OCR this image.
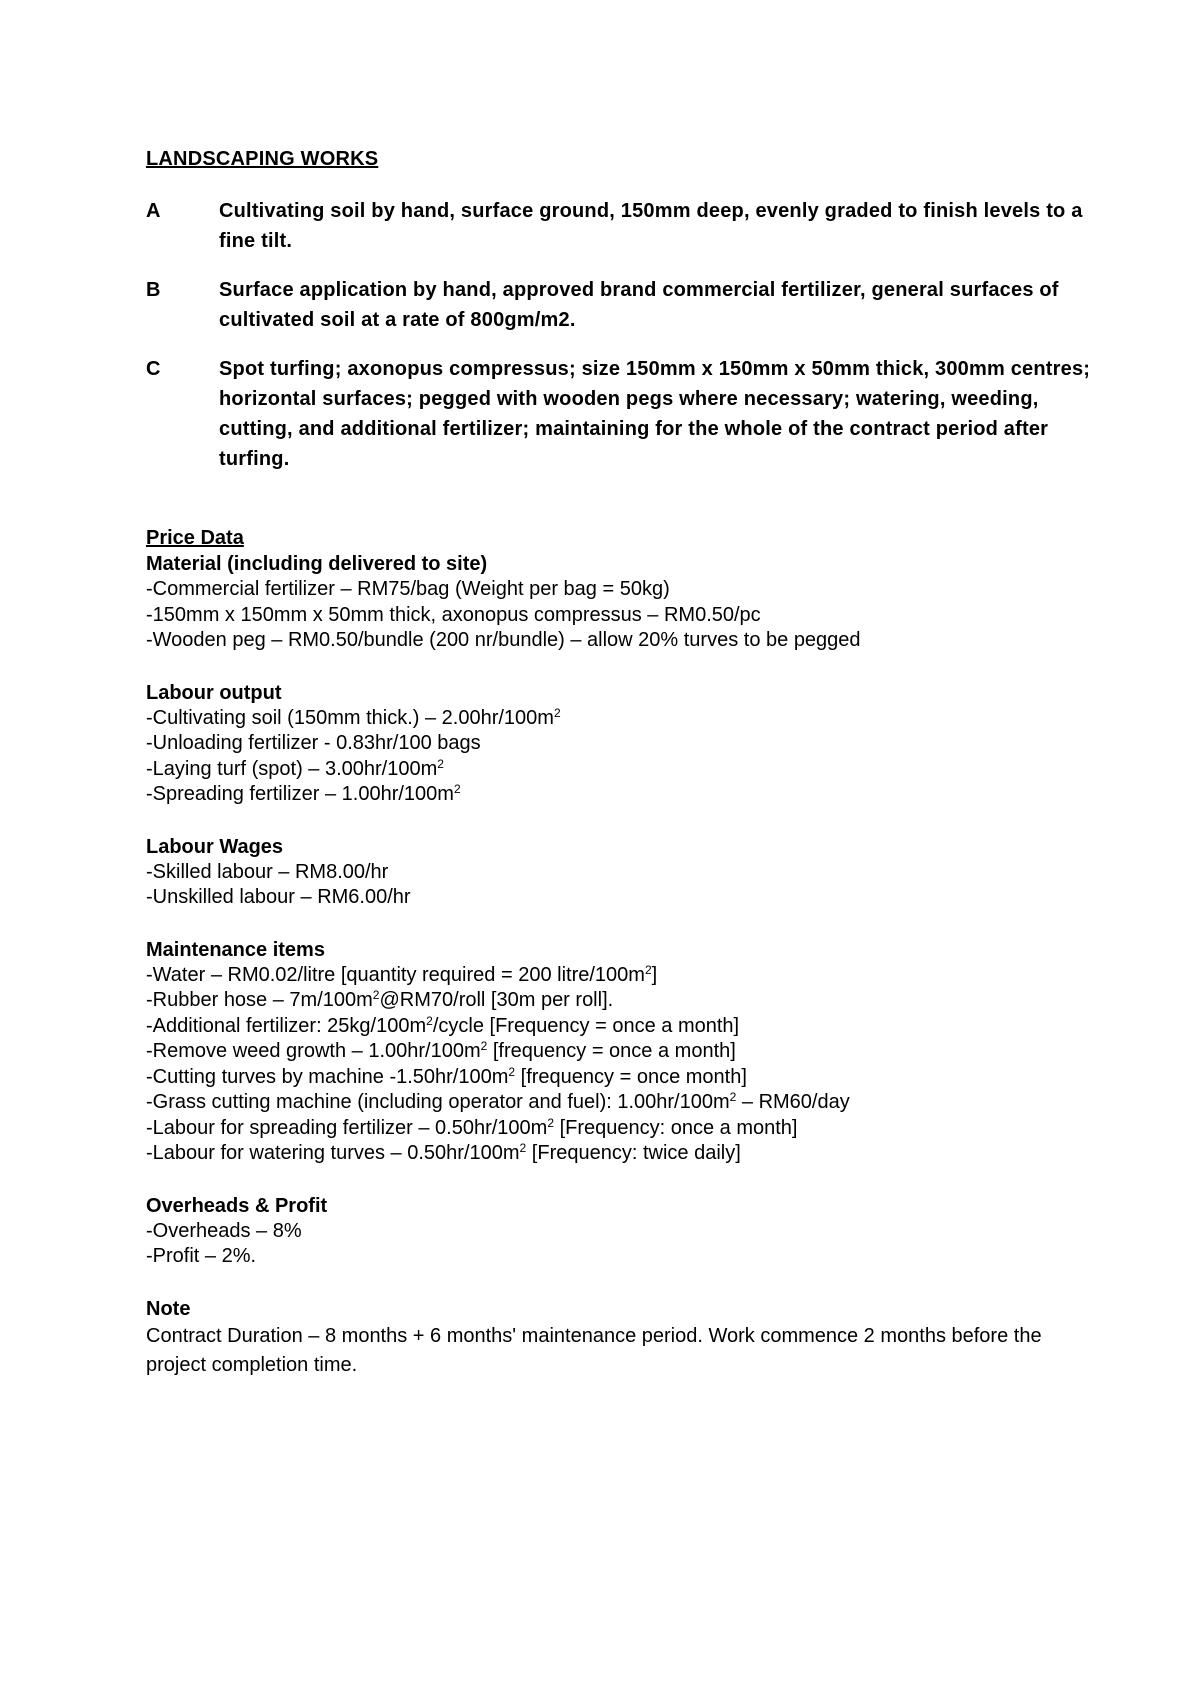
LANDSCAPING WORKS
A	Cultivating soil by hand, surface ground, 150mm deep, evenly graded to finish levels to a fine tilt.
B	Surface application by hand, approved brand commercial fertilizer, general surfaces of cultivated soil at a rate of 800gm/m2.
C	Spot turfing; axonopus compressus; size 150mm x 150mm x 50mm thick, 300mm centres; horizontal surfaces; pegged with wooden pegs where necessary; watering, weeding, cutting, and additional fertilizer; maintaining for the whole of the contract period after turfing.
Price Data
Material (including delivered to site)
-Commercial fertilizer – RM75/bag (Weight per bag = 50kg)
-150mm x 150mm x 50mm thick, axonopus compressus – RM0.50/pc
-Wooden peg – RM0.50/bundle (200 nr/bundle) – allow 20% turves to be pegged
Labour output
-Cultivating soil (150mm thick.) – $2.00hr/100m^2$
-Unloading fertilizer - 0.83hr/100 bags
-Laying turf (spot) – $3.00hr/100m^2$
-Spreading fertilizer – $1.00hr/100m^2$
Labour Wages
-Skilled labour – RM8.00/hr
-Unskilled labour – RM6.00/hr
Maintenance items
-Water – RM0.02/litre [quantity required = 200 litre/$100m^2$]
-Rubber hose – $7m/100m^2@RM70$/roll [30m per roll].
-Additional fertilizer: $25kg/100m^2$/cycle [Frequency = once a month]
-Remove weed growth – $1.00hr/100m^2$ [frequency = once a month]
-Cutting turves by machine $-1.50hr/100m^2$ [frequency = once month]
-Grass cutting machine (including operator and fuel): $1.00hr/100m^2 - RM60/day$
-Labour for spreading fertilizer – $0.50hr/100m^2$ [Frequency: once a month]
-Labour for watering turves – $0.50hr/100m^2$ [Frequency: twice daily]
Overheads & Profit
-Overheads – 8%
-Profit – 2%.
Note
Contract Duration – 8 months + 6 months' maintenance period. Work commence 2 months before the project completion time.
